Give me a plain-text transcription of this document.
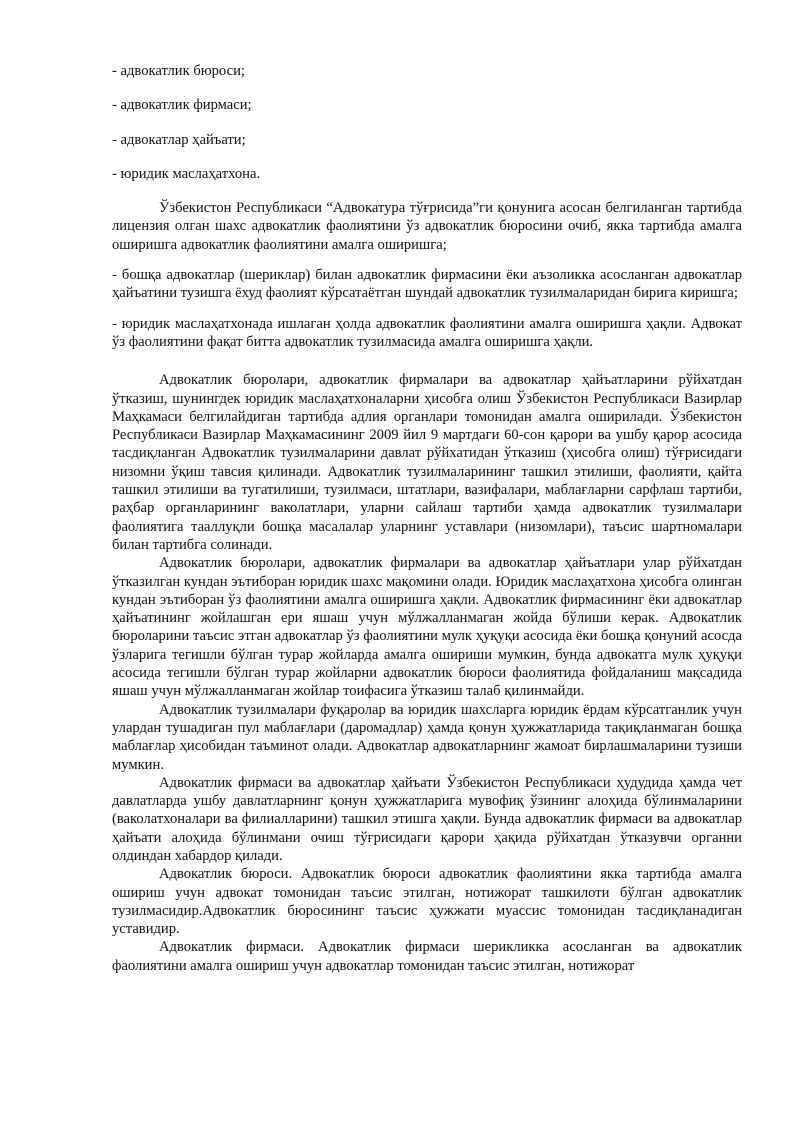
- адвокатлик бюроси;
- адвокатлик фирмаси;
- адвокатлар ҳайъати;
- юридик маслаҳатхона.

Ўзбекистон Республикаси “Адвокатура тўғрисида”ги қонунига асосан белгиланган тартибда лицензия олган шахс адвокатлик фаолиятини ўз адвокатлик бюросини очиб, якка тартибда амалга оширишга адвокатлик фаолиятини амалга оширишга;

- бошқа адвокатлар (шериклар) билан адвокатлик фирмасини ёки аъзоликка асосланган адвокатлар ҳайъатини тузишга ёхуд фаолият кўрсатаётган шундай адвокатлик тузилмаларидан бирига киришга;

- юридик маслаҳатхонада ишлаган ҳолда адвокатлик фаолиятини амалга оширишга ҳақли. Адвокат ўз фаолиятини фақат битта адвокатлик тузилмасида амалга оширишга ҳақли.

Адвокатлик бюролари, адвокатлик фирмалари ва адвокатлар ҳайъатларини рўйхатдан ўтказиш, шунингдек юридик маслаҳатхоналарни ҳисобга олиш Ўзбекистон Республикаси Вазирлар Маҳкамаси белгилайдиган тартибда адлия органлари томонидан амалга оширилади. Ўзбекистон Республикаси Вазирлар Маҳкамасининг 2009 йил 9 мартдаги 60-сон қарори ва ушбу қарор асосида тасдиқланган Адвокатлик тузилмаларини давлат рўйхатидан ўтказиш (ҳисобга олиш) тўғрисидаги низомни ўқиш тавсия қилинади. Адвокатлик тузилмаларининг ташкил этилиши, фаолияти, қайта ташкил этилиши ва тугатилиши, тузилмаси, штатлари, вазифалари, маблағларни сарфлаш тартиби, раҳбар органларининг ваколатлари, уларни сайлаш тартиби ҳамда адвокатлик тузилмалари фаолиятига тааллуқли бошқа масалалар уларнинг уставлари (низомлари), таъсис шартномалари билан тартибга солинади.

Адвокатлик бюролари, адвокатлик фирмалари ва адвокатлар ҳайъатлари улар рўйхатдан ўтказилган кундан эътиборан юридик шахс мақомини олади. Юридик маслаҳатхона ҳисобга олинган кундан эътиборан ўз фаолиятини амалга оширишга ҳақли. Адвокатлик фирмасининг ёки адвокатлар ҳайъатининг жойлашган ери яшаш учун мўлжалланмаган жойда бўлиши керак. Адвокатлик бюроларини таъсис этган адвокатлар ўз фаолиятини мулк ҳуқуқи асосида ёки бошқа қонуний асосда ўзларига тегишли бўлган турар жойларда амалга ошириши мумкин, бунда адвокатга мулк ҳуқуқи асосида тегишли бўлган турар жойларни адвокатлик бюроси фаолиятида фойдаланиш мақсадида яшаш учун мўлжалланмаган жойлар тоифасига ўтказиш талаб қилинмайди.

Адвокатлик тузилмалари фуқаролар ва юридик шахсларга юридик ёрдам кўрсатганлик учун улардан тушадиган пул маблағлари (даромадлар) ҳамда қонун ҳужжатларида тақиқланмаган бошқа маблағлар ҳисобидан таъминот олади. Адвокатлар адвокатларнинг жамоат бирлашмаларини тузиши мумкин.

Адвокатлик фирмаси ва адвокатлар ҳайъати Ўзбекистон Республикаси ҳудудида ҳамда чет давлатларда ушбу давлатларнинг қонун ҳужжатларига мувофиқ ўзининг алоҳида бўлинмаларини (ваколатхоналари ва филиалларини) ташкил этишга ҳақли. Бунда адвокатлик фирмаси ва адвокатлар ҳайъати алоҳида бўлинмани очиш тўғрисидаги қарори ҳақида рўйхатдан ўтказувчи органни олдиндан хабардор қилади.

Адвокатлик бюроси. Адвокатлик бюроси адвокатлик фаолиятини якка тартибда амалга ошириш учун адвокат томонидан таъсис этилган, нотижорат ташкилоти бўлган адвокатлик тузилмасидир.Адвокатлик бюросининг таъсис ҳужжати муассис томонидан тасдиқланадиган уставидир.

Адвокатлик фирмаси. Адвокатлик фирмаси шерикликка асосланган ва адвокатлик фаолиятини амалга ошириш учун адвокатлар томонидан таъсис этилган, нотижорат
